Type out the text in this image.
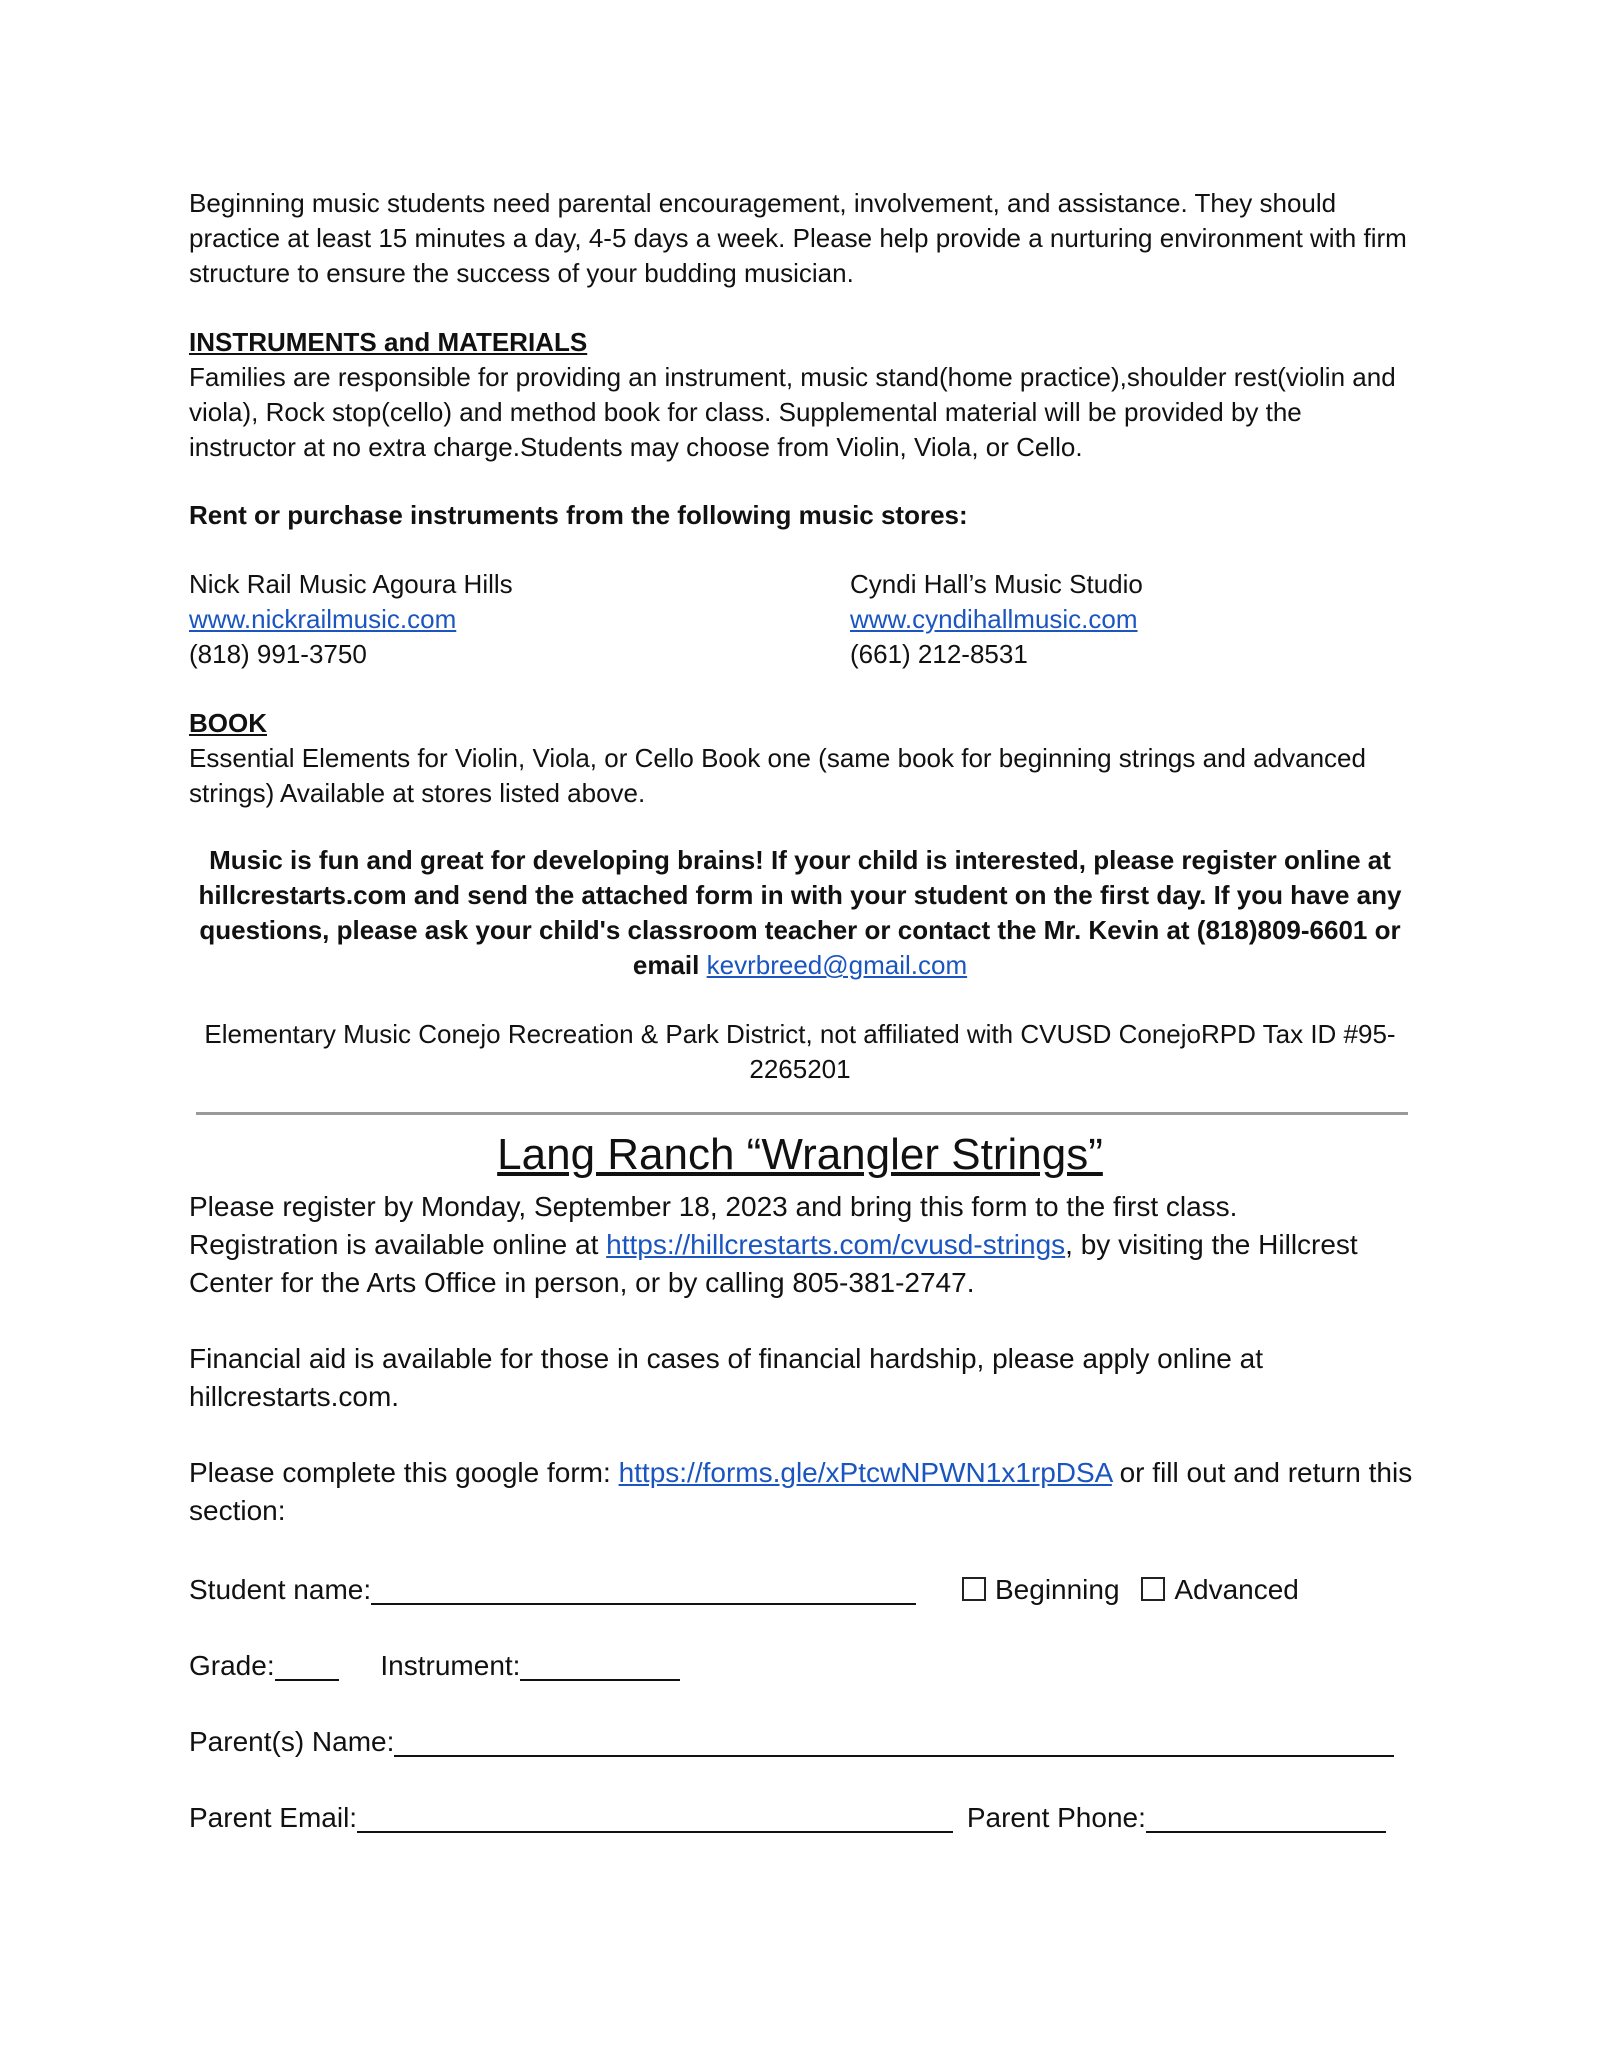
Beginning music students need parental encouragement, involvement, and assistance. They should practice at least 15 minutes a day, 4-5 days a week. Please help provide a nurturing environment with firm structure to ensure the success of your budding musician.

INSTRUMENTS and MATERIALS

Families are responsible for providing an instrument, music stand(home practice),shoulder rest(violin and viola), Rock stop(cello) and method book for class. Supplemental material will be provided by the instructor at no extra charge.Students may choose from Violin, Viola, or Cello.

Rent or purchase instruments from the following music stores:

Nick Rail Music Agoura Hills
www.nickrailmusic.com
(818) 991-3750
Cyndi Hall’s Music Studio
www.cyndihallmusic.com
(661) 212-8531

BOOK

Essential Elements for Violin, Viola, or Cello Book one (same book for beginning strings and advanced strings) Available at stores listed above.

Music is fun and great for developing brains! If your child is interested, please register online at hillcrestarts.com and send the attached form in with your student on the first day. If you have any questions, please ask your child's classroom teacher or contact the Mr. Kevin at (818)809-6601 or email kevrbreed@gmail.com

Elementary Music Conejo Recreation & Park District, not affiliated with CVUSD ConejoRPD Tax ID #95-2265201

Lang Ranch “Wrangler Strings”

Please register by Monday, September 18, 2023 and bring this form to the first class.

Registration is available online at https://hillcrestarts.com/cvusd-strings, by visiting the Hillcrest Center for the Arts Office in person, or by calling 805-381-2747.

Financial aid is available for those in cases of financial hardship, please apply online at hillcrestarts.com.

Please complete this google form: https://forms.gle/xPtcwNPWN1x1rpDSA or fill out and return this section:

Student name:	Beginning Advanced
Grade:	Instrument:
Parent(s) Name:
Parent Email:	Parent Phone:
